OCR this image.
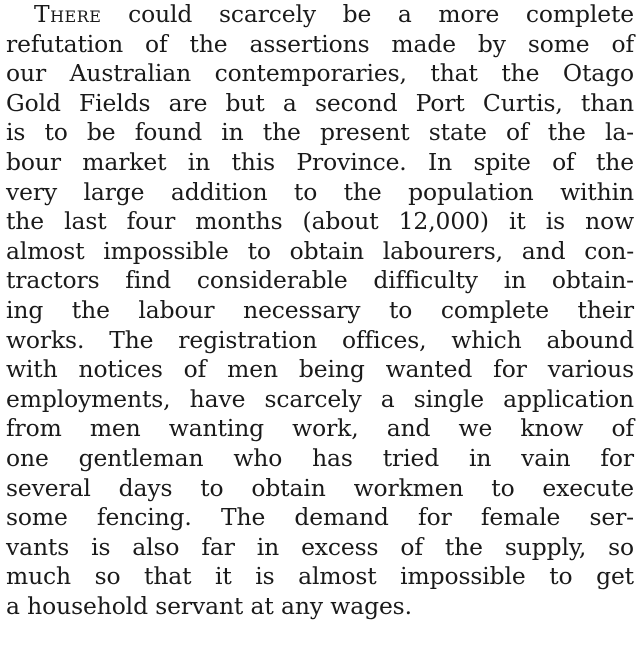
There could scarcely be a more complete
refutation of the assertions made by some of
our Australian contemporaries, that the Otago
Gold Fields are but a second Port Curtis, than
is to be found in the present state of the la-
bour market in this Province. In spite of the
very large addition to the population within
the last four months (about 12,000) it is now
almost impossible to obtain labourers, and con-
tractors find considerable difficulty in obtain-
ing the labour necessary to complete their
works. The registration offices, which abound
with notices of men being wanted for various
employments, have scarcely a single application
from men wanting work, and we know of
one gentleman who has tried in vain for
several days to obtain workmen to execute
some fencing. The demand for female ser-
vants is also far in excess of the supply, so
much so that it is almost impossible to get
a household servant at any wages.
